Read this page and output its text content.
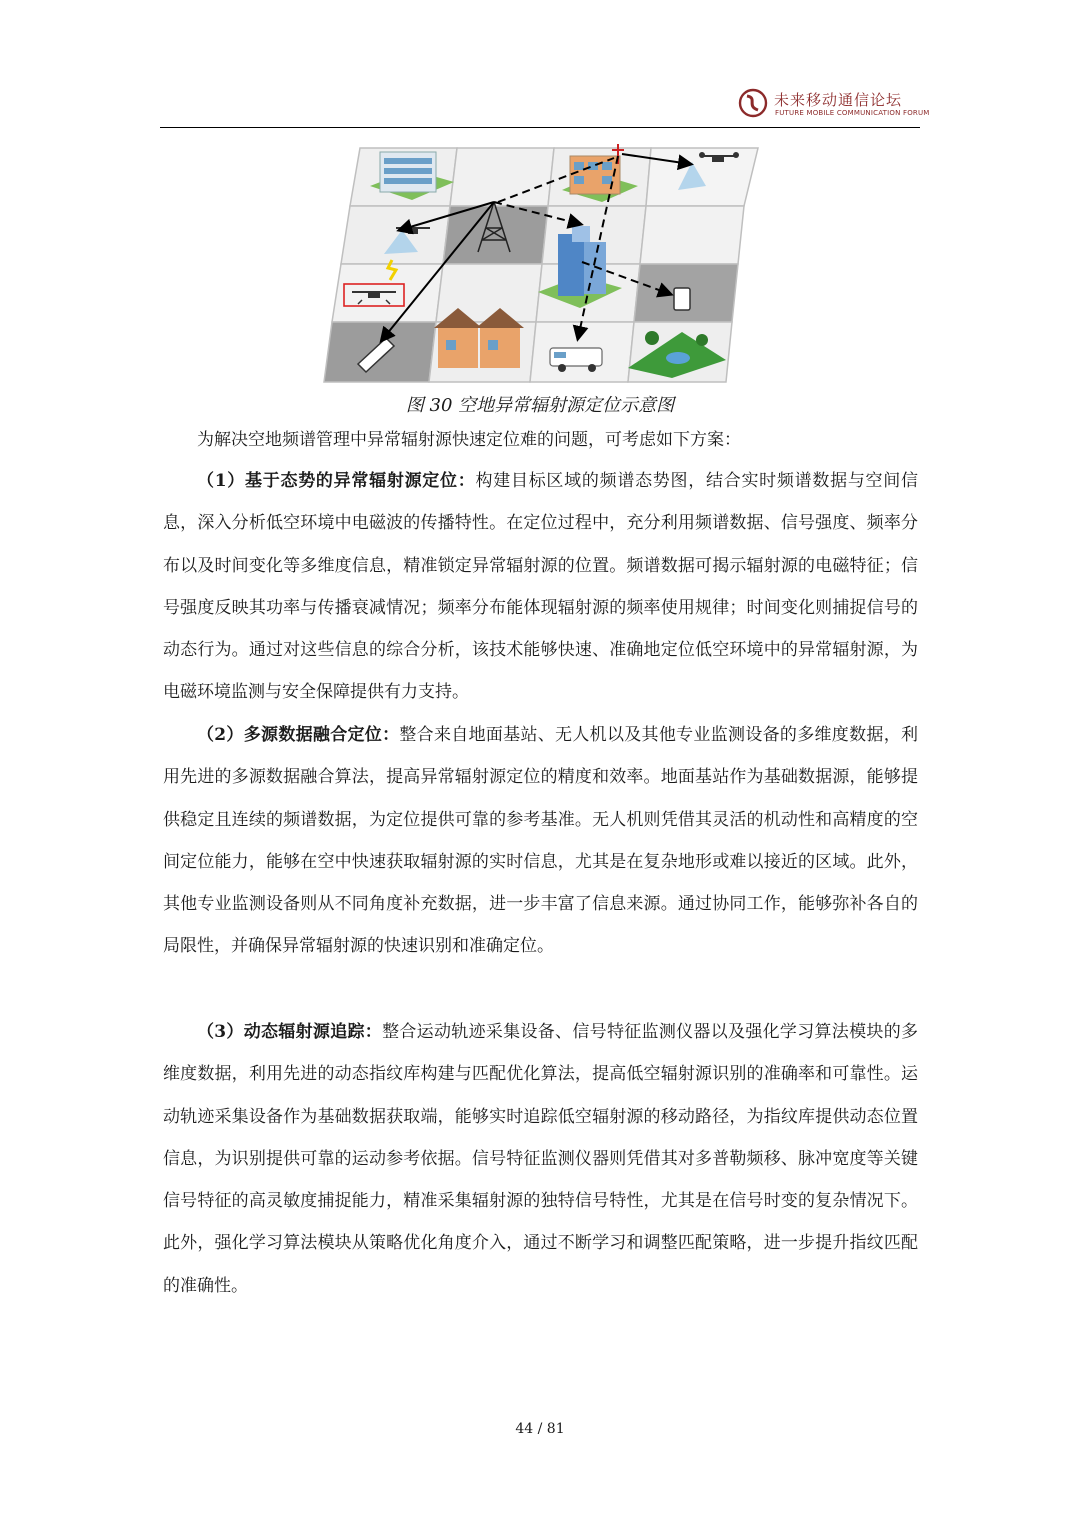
未来移动通信论坛
FUTURE MOBILE COMMUNICATION FORUM
图 30 空地异常辐射源定位示意图

为解决空地频谱管理中异常辐射源快速定位难的问题，可考虑如下方案：

（1）基于态势的异常辐射源定位：构建目标区域的频谱态势图，结合实时频谱数据与空间信息，深入分析低空环境中电磁波的传播特性。在定位过程中，充分利用频谱数据、信号强度、频率分布以及时间变化等多维度信息，精准锁定异常辐射源的位置。频谱数据可揭示辐射源的电磁特征；信号强度反映其功率与传播衰减情况；频率分布能体现辐射源的频率使用规律；时间变化则捕捉信号的动态行为。通过对这些信息的综合分析，该技术能够快速、准确地定位低空环境中的异常辐射源，为电磁环境监测与安全保障提供有力支持。

（2）多源数据融合定位：整合来自地面基站、无人机以及其他专业监测设备的多维度数据，利用先进的多源数据融合算法，提高异常辐射源定位的精度和效率。地面基站作为基础数据源，能够提供稳定且连续的频谱数据，为定位提供可靠的参考基准。无人机则凭借其灵活的机动性和高精度的空间定位能力，能够在空中快速获取辐射源的实时信息，尤其是在复杂地形或难以接近的区域。此外，其他专业监测设备则从不同角度补充数据，进一步丰富了信息来源。通过协同工作，能够弥补各自的局限性，并确保异常辐射源的快速识别和准确定位。

（3）动态辐射源追踪：整合运动轨迹采集设备、信号特征监测仪器以及强化学习算法模块的多维度数据，利用先进的动态指纹库构建与匹配优化算法，提高低空辐射源识别的准确率和可靠性。运动轨迹采集设备作为基础数据获取端，能够实时追踪低空辐射源的移动路径，为指纹库提供动态位置信息，为识别提供可靠的运动参考依据。信号特征监测仪器则凭借其对多普勒频移、脉冲宽度等关键信号特征的高灵敏度捕捉能力，精准采集辐射源的独特信号特性，尤其是在信号时变的复杂情况下。此外，强化学习算法模块从策略优化角度介入，通过不断学习和调整匹配策略，进一步提升指纹匹配的准确性。

44 / 81
